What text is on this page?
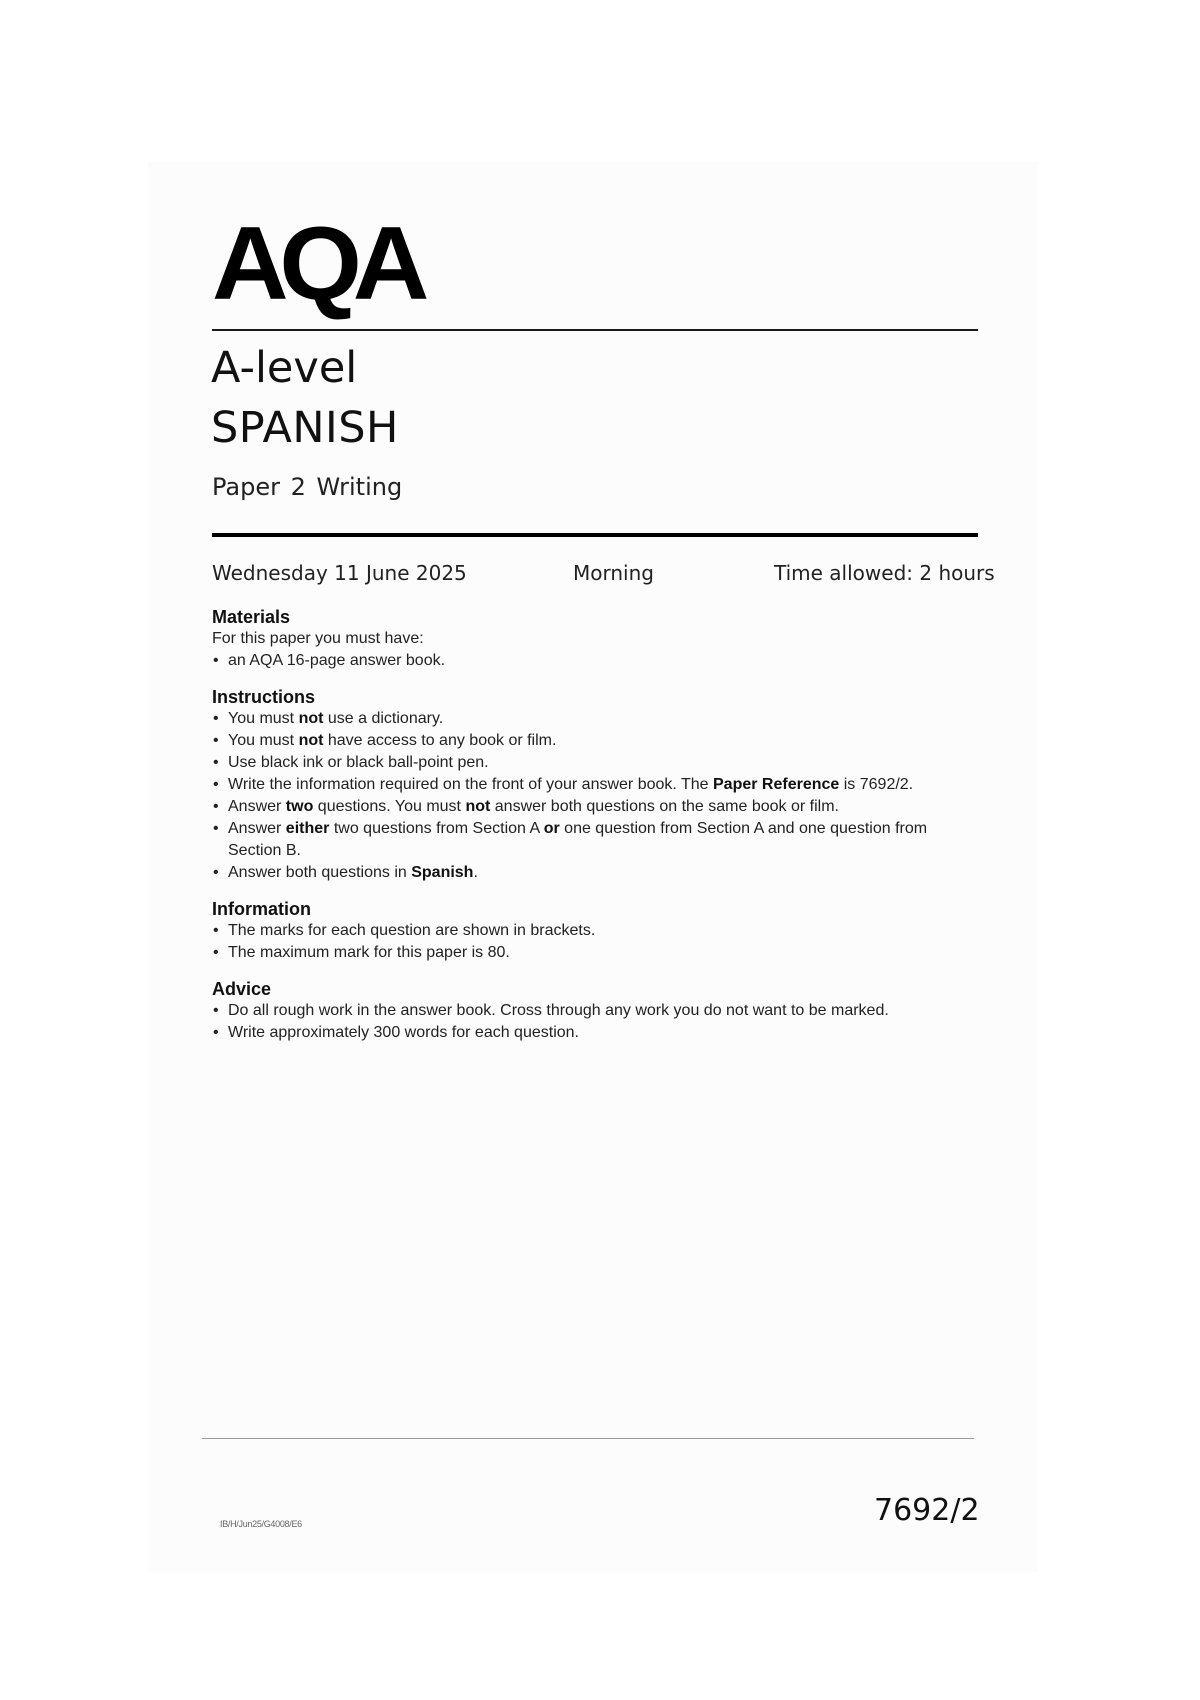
AQA
A-level
SPANISH
Paper 2 Writing
Wednesday 11 June 2025	Morning	Time allowed: 2 hours
Materials

For this paper you must have:

• an AQA 16-page answer book.
Instructions
• You must not use a dictionary.
• You must not have access to any book or film.
• Use black ink or black ball-point pen.
• Write the information required on the front of your answer book. The Paper Reference is 7692/2.
• Answer two questions. You must not answer both questions on the same book or film.
• Answer either two questions from Section A or one question from Section A and one question from Section B.
• Answer both questions in Spanish.
Information
• The marks for each question are shown in brackets.
• The maximum mark for this paper is 80.
Advice
• Do all rough work in the answer book. Cross through any work you do not want to be marked.
• Write approximately 300 words for each question.
IB/H/Jun25/G4008/E6	7692/2
